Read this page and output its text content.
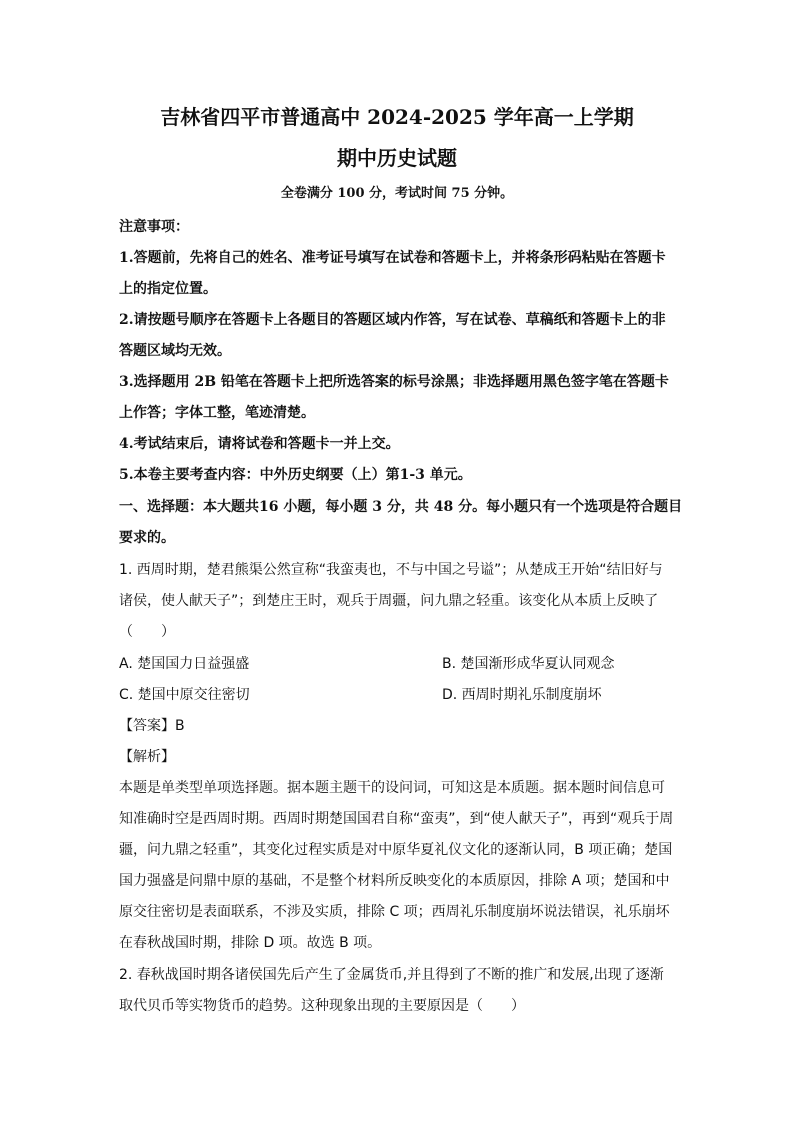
吉林省四平市普通高中 2024-2025 学年高一上学期
期中历史试题
全卷满分 100 分，考试时间 75 分钟。
注意事项：
1.答题前，先将自己的姓名、准考证号填写在试卷和答题卡上，并将条形码粘贴在答题卡
上的指定位置。
2.请按题号顺序在答题卡上各题目的答题区域内作答，写在试卷、草稿纸和答题卡上的非
答题区域均无效。
3.选择题用 2B 铅笔在答题卡上把所选答案的标号涂黑；非选择题用黑色签字笔在答题卡
上作答；字体工整，笔迹清楚。
4.考试结束后，请将试卷和答题卡一并上交。
5.本卷主要考查内容：中外历史纲要（上）第1-3 单元。
一、选择题：本大题共16 小题，每小题 3 分，共 48 分。每小题只有一个选项是符合题目
要求的。
1. 西周时期，楚君熊渠公然宣称“我蛮夷也，不与中国之号谥”；从楚成王开始“结旧好与
诸侯，使人献天子”；到楚庄王时，观兵于周疆，问九鼎之轻重。该变化从本质上反映了
（　　）
A. 楚国国力日益强盛	B. 楚国渐形成华夏认同观念
C. 楚国中原交往密切	D. 西周时期礼乐制度崩坏
【答案】B
【解析】
本题是单类型单项选择题。据本题主题干的设问词，可知这是本质题。据本题时间信息可
知准确时空是西周时期。西周时期楚国国君自称“蛮夷”，到“使人献天子”，再到“观兵于周
疆，问九鼎之轻重”，其变化过程实质是对中原华夏礼仪文化的逐渐认同，B 项正确；楚国
国力强盛是问鼎中原的基础，不是整个材料所反映变化的本质原因，排除 A 项；楚国和中
原交往密切是表面联系，不涉及实质，排除 C 项；西周礼乐制度崩坏说法错误，礼乐崩坏
在春秋战国时期，排除 D 项。故选 B 项。
2. 春秋战国时期各诸侯国先后产生了金属货币,并且得到了不断的推广和发展,出现了逐渐
取代贝币等实物货币的趋势。这种现象出现的主要原因是（　　）
